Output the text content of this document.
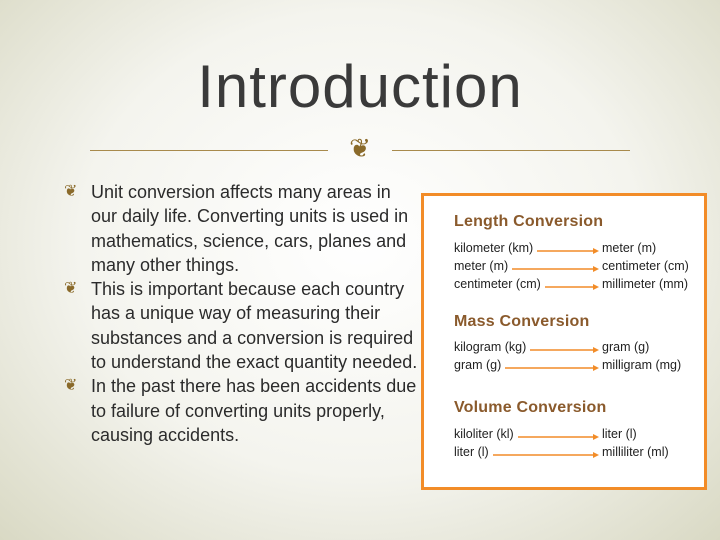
Introduction
❦
❦ Unit conversion affects many areas in our daily life. Converting units is used in mathematics, science, cars, planes and many other things.
❦ This is important because each country has a unique way of measuring their substances and a conversion is required to understand the exact quantity needed.
❦ In the past there has been accidents due to failure of converting units properly, causing accidents.
Length Conversion
kilometer (km)	meter (m)
meter (m)	centimeter (cm)
centimeter (cm)	millimeter (mm)
Mass Conversion
kilogram (kg)	gram (g)
gram (g)	milligram (mg)
Volume Conversion
kiloliter (kl)	liter (l)
liter (l)	milliliter (ml)
